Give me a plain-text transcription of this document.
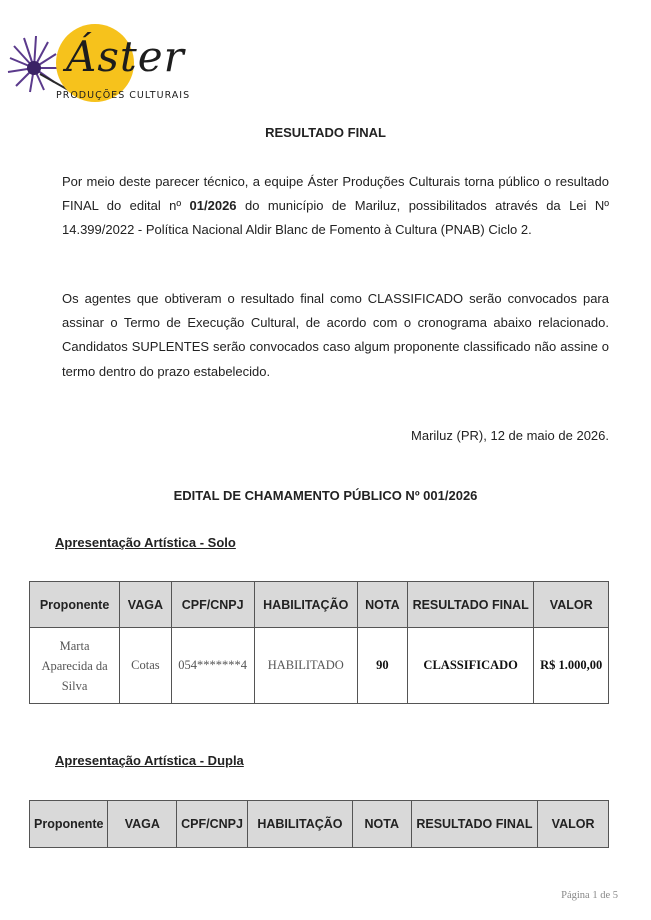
Áster
PRODUÇÕES CULTURAIS
RESULTADO FINAL
Por meio deste parecer técnico, a equipe Áster Produções Culturais torna público o resultado FINAL do edital nº 01/2026 do município de Mariluz, possibilitados através da Lei Nº 14.399/2022 - Política Nacional Aldir Blanc de Fomento à Cultura (PNAB) Ciclo 2.
Os agentes que obtiveram o resultado final como CLASSIFICADO serão convocados para assinar o Termo de Execução Cultural, de acordo com o cronograma abaixo relacionado. Candidatos SUPLENTES serão convocados caso algum proponente classificado não assine o termo dentro do prazo estabelecido.
Mariluz (PR), 12 de maio de 2026.
EDITAL DE CHAMAMENTO PÚBLICO Nº 001/2026
Apresentação Artística - Solo
Proponente	VAGA	CPF/CNPJ	HABILITAÇÃO	NOTA	RESULTADO FINAL	VALOR
Marta Aparecida da Silva	Cotas	054*******4	HABILITADO	90	CLASSIFICADO	R$ 1.000,00
Apresentação Artística - Dupla
Proponente	VAGA	CPF/CNPJ	HABILITAÇÃO	NOTA	RESULTADO FINAL	VALOR
Página 1 de 5
